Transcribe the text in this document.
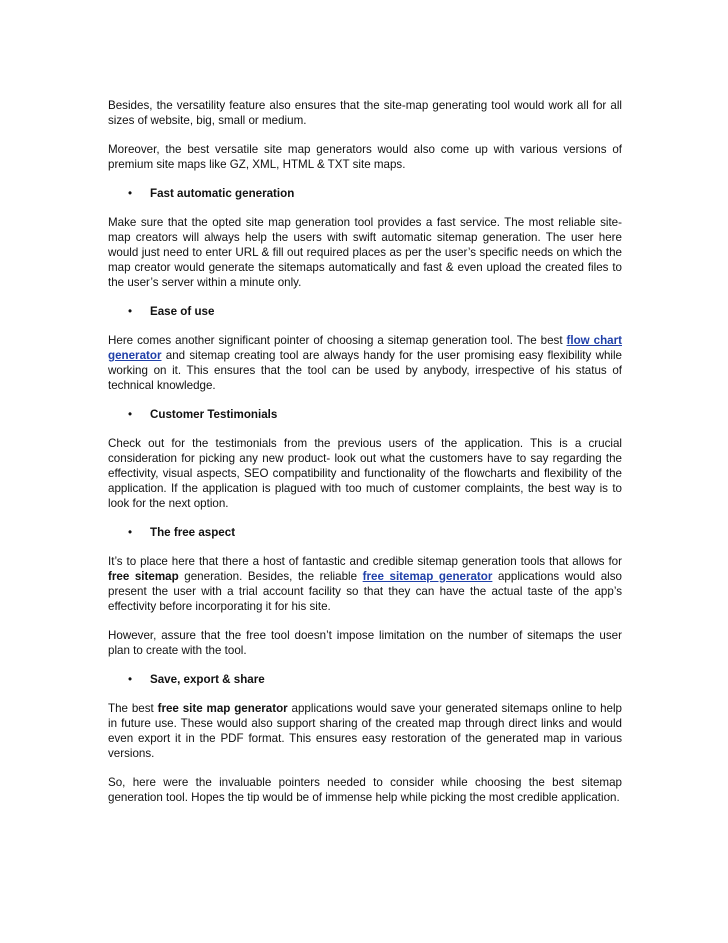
Besides, the versatility feature also ensures that the site-map generating tool would work all for all sizes of website, big, small or medium.

Moreover, the best versatile site map generators would also come up with various versions of premium site maps like GZ, XML, HTML & TXT site maps.

•	Fast automatic generation

Make sure that the opted site map generation tool provides a fast service. The most reliable site-map creators will always help the users with swift automatic sitemap generation. The user here would just need to enter URL & fill out required places as per the user’s specific needs on which the map creator would generate the sitemaps automatically and fast & even upload the created files to the user’s server within a minute only.

•	Ease of use

Here comes another significant pointer of choosing a sitemap generation tool. The best flow chart generator and sitemap creating tool are always handy for the user promising easy flexibility while working on it. This ensures that the tool can be used by anybody, irrespective of his status of technical knowledge.

•	Customer Testimonials

Check out for the testimonials from the previous users of the application. This is a crucial consideration for picking any new product- look out what the customers have to say regarding the effectivity, visual aspects, SEO compatibility and functionality of the flowcharts and flexibility of the application. If the application is plagued with too much of customer complaints, the best way is to look for the next option.

•	The free aspect

It’s to place here that there a host of fantastic and credible sitemap generation tools that allows for free sitemap generation. Besides, the reliable free sitemap generator applications would also present the user with a trial account facility so that they can have the actual taste of the app’s effectivity before incorporating it for his site.

However, assure that the free tool doesn’t impose limitation on the number of sitemaps the user plan to create with the tool.

•	Save, export & share

The best free site map generator applications would save your generated sitemaps online to help in future use. These would also support sharing of the created map through direct links and would even export it in the PDF format. This ensures easy restoration of the generated map in various versions.

So, here were the invaluable pointers needed to consider while choosing the best sitemap generation tool. Hopes the tip would be of immense help while picking the most credible application.
